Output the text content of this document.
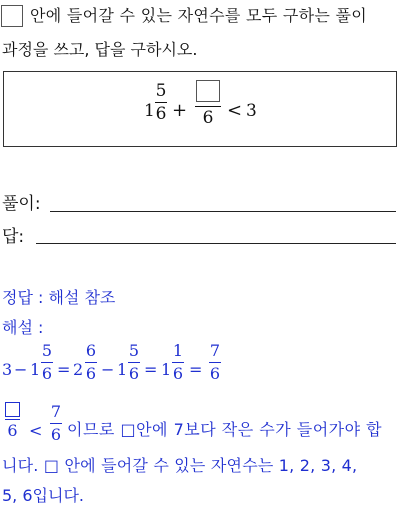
안에 들어갈 수 있는 자연수를 모두 구하는 풀이
과정을 쓰고, 답을 구하시오.
1
5
6 + 6 < 3
풀이:
답:
정답 : 해설 참조
해설 :
3 − 1
5
6 = 2
6
6 − 1
5
6 = 1
1
6 =
7
6
6 <
7
6 이므로 □안에 7보다 작은 수가 들어가야 합
니다. □ 안에 들어갈 수 있는 자연수는 1, 2, 3, 4,
5, 6입니다.
